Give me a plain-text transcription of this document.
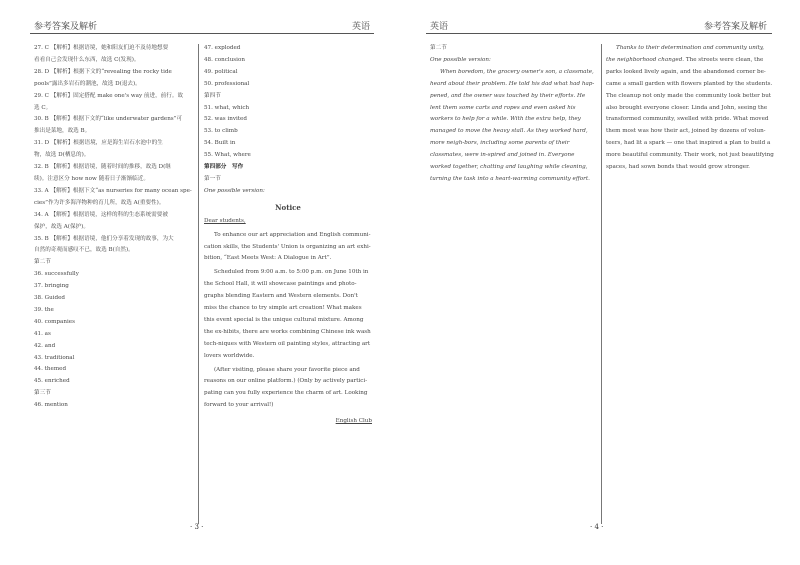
参考答案及解析	英语

27. C 【解析】根据语境，她和阳友们迫不及待地想要

看看自己会发现什么东西，故选 C(发现)。

28. D 【解析】根据下文的“revealing the rocky tide

pools”露出多岩石的潮池，故选 D(退去)。

29. C 【解析】固定搭配 make one's way 前进，前行。故

选 C。

30. B 【解析】根据下文的“like underwater gardens”可

推出是菜地，故选 B。

31. D 【解析】根据语境，应是海生岩石水池中的生

物，故选 D(栖息的)。

32. B 【解析】根据语境，随着时间的推移，故选 D(继

续)。注意区分 how now 随着日子渐渐临近。

33. A 【解析】根据下文“as nurseries for many ocean spe-

cies”作为许多海洋物种的育儿所，故选 A(重要性)。

34. A 【解析】根据语境，这样的科的生态系统需要被

保护，故选 A(保护)。

35. B 【解析】根据语境，他们分享着发现的故事，为大

自然的奇观而感叹不已，故选 B(自然)。

第二节

36. successfully

37. bringing

38. Guided

39. the

40. companies

41. as

42. and

43. traditional

44. themed

45. enriched

第三节

46. mention

47. exploded

48. conclusion

49. political

50. professional

第四节

51. what, which

52. was invited

53. to climb

54. Built in

55. What, where

第四部分　写作

第一节

One possible version:

Notice

Dear students,

To enhance our art appreciation and English communi-cation skills, the Students' Union is organizing an art exhi-bition, “East Meets West: A Dialogue in Art”.

Scheduled from 9:00 a.m. to 5:00 p.m. on June 10th in the School Hall, it will showcase paintings and photo-graphs blending Eastern and Western elements. Don't miss the chance to try simple art creation! What makes this event special is the unique cultural mixture. Among the ex-hibits, there are works combining Chinese ink wash tech-niques with Western oil painting styles, attracting art lovers worldwide.

(After visiting, please share your favorite piece and reasons on our online platform.) (Only by actively partici-pating can you fully experience the charm of art. Looking forward to your arrival!)

English Club

· 3 ·
英语	参考答案及解析

第二节

One possible version:

When boredom, the grocery owner's son, a classmate, heard about their problem. He told his dad what had hap-pened, and the owner was touched by their efforts. He lent them some carts and ropes and even asked his workers to help for a while. With the extra help, they managed to move the heavy stall. As they worked hard, more neigh-bors, including some parents of their classmates, were in-spired and joined in. Everyone worked together, chatting and laughing while cleaning, turning the task into a heart-warming community effort.

Thanks to their determination and community unity, the neighborhood changed. The streets were clean, the parks looked lively again, and the abandoned corner be-came a small garden with flowers planted by the students. The cleanup not only made the community look better but also brought everyone closer. Linda and John, seeing the transformed community, swelled with pride. What moved them most was how their act, joined by dozens of volun-teers, had lit a spark — one that inspired a plan to build a more beautiful community. Their work, not just beautifying spaces, had sown bonds that would grow stronger.

· 4 ·
